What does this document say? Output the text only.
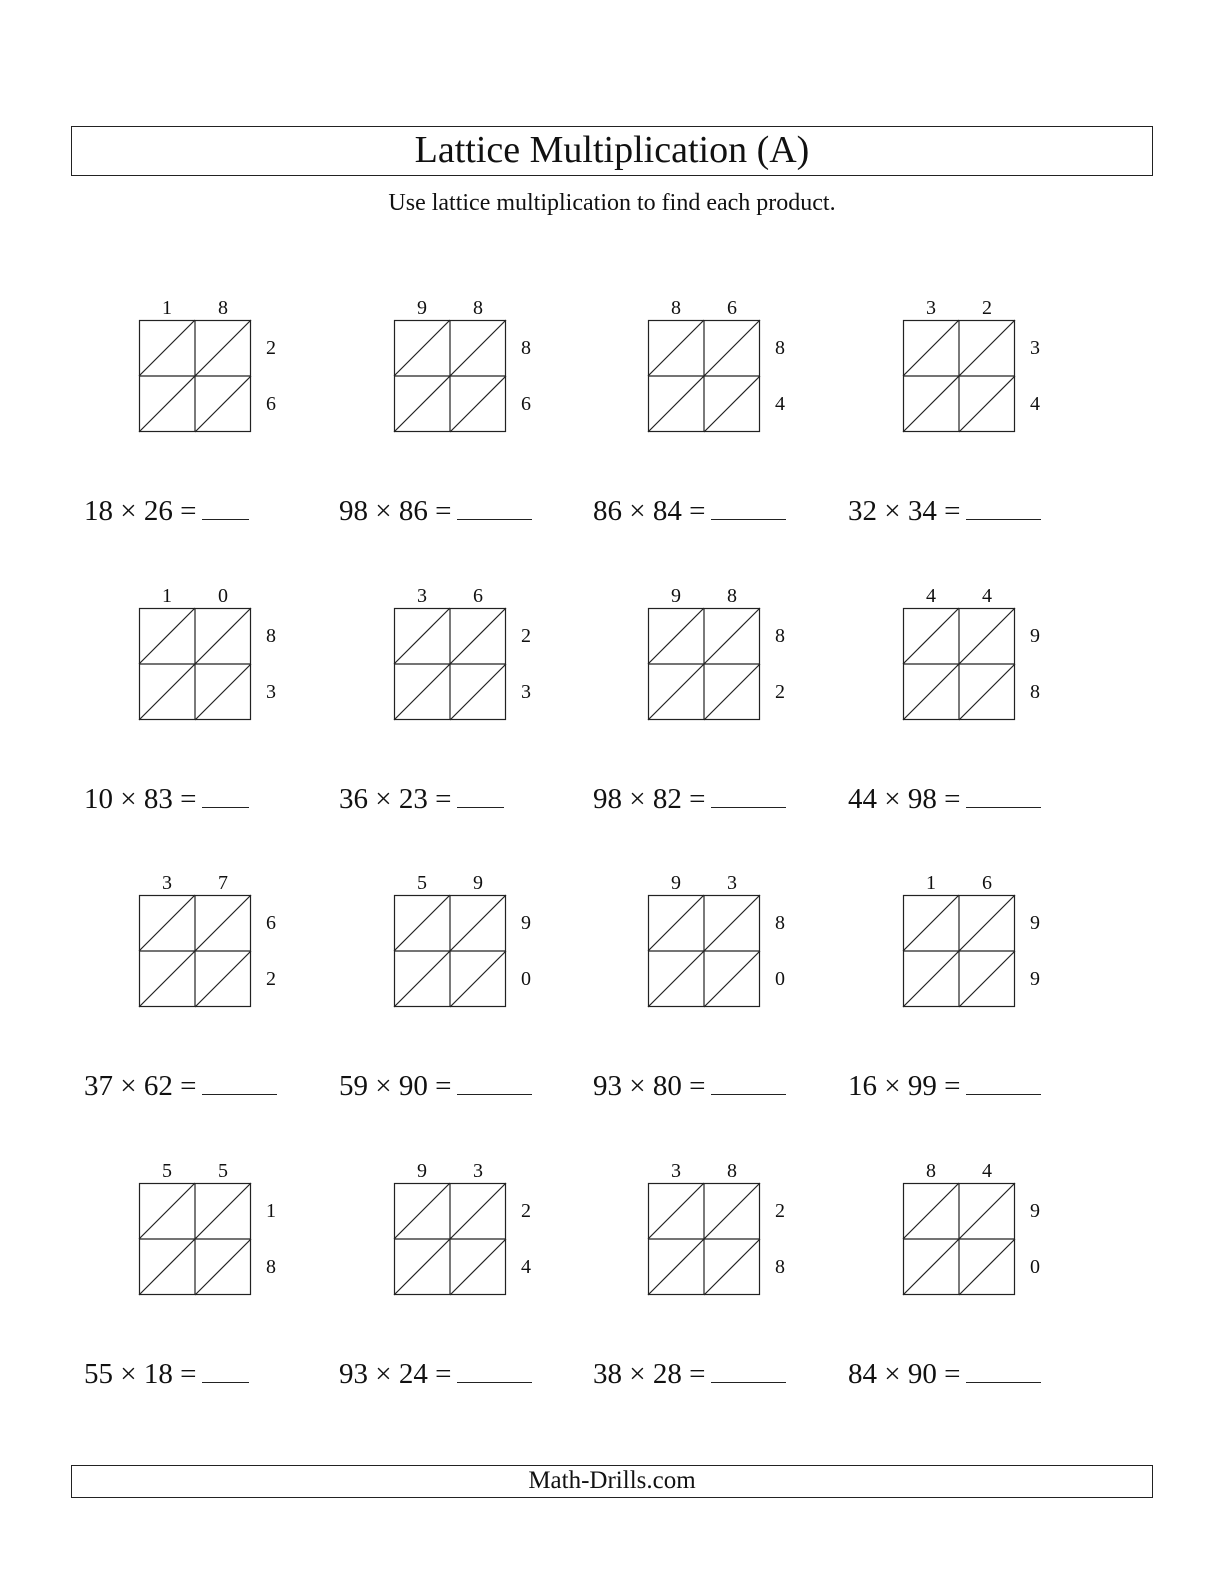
Lattice Multiplication (A)
Use lattice multiplication to find each product.
1 8
2
6
18 × 26 =
9 8
8
6
98 × 86 =
8 6
8
4
86 × 84 =
3 2
3
4
32 × 34 =
1 0
8
3
10 × 83 =
3 6
2
3
36 × 23 =
9 8
8
2
98 × 82 =
4 4
9
8
44 × 98 =
3 7
6
2
37 × 62 =
5 9
9
0
59 × 90 =
9 3
8
0
93 × 80 =
1 6
9
9
16 × 99 =
5 5
1
8
55 × 18 =
9 3
2
4
93 × 24 =
3 8
2
8
38 × 28 =
8 4
9
0
84 × 90 =
Math-Drills.com
